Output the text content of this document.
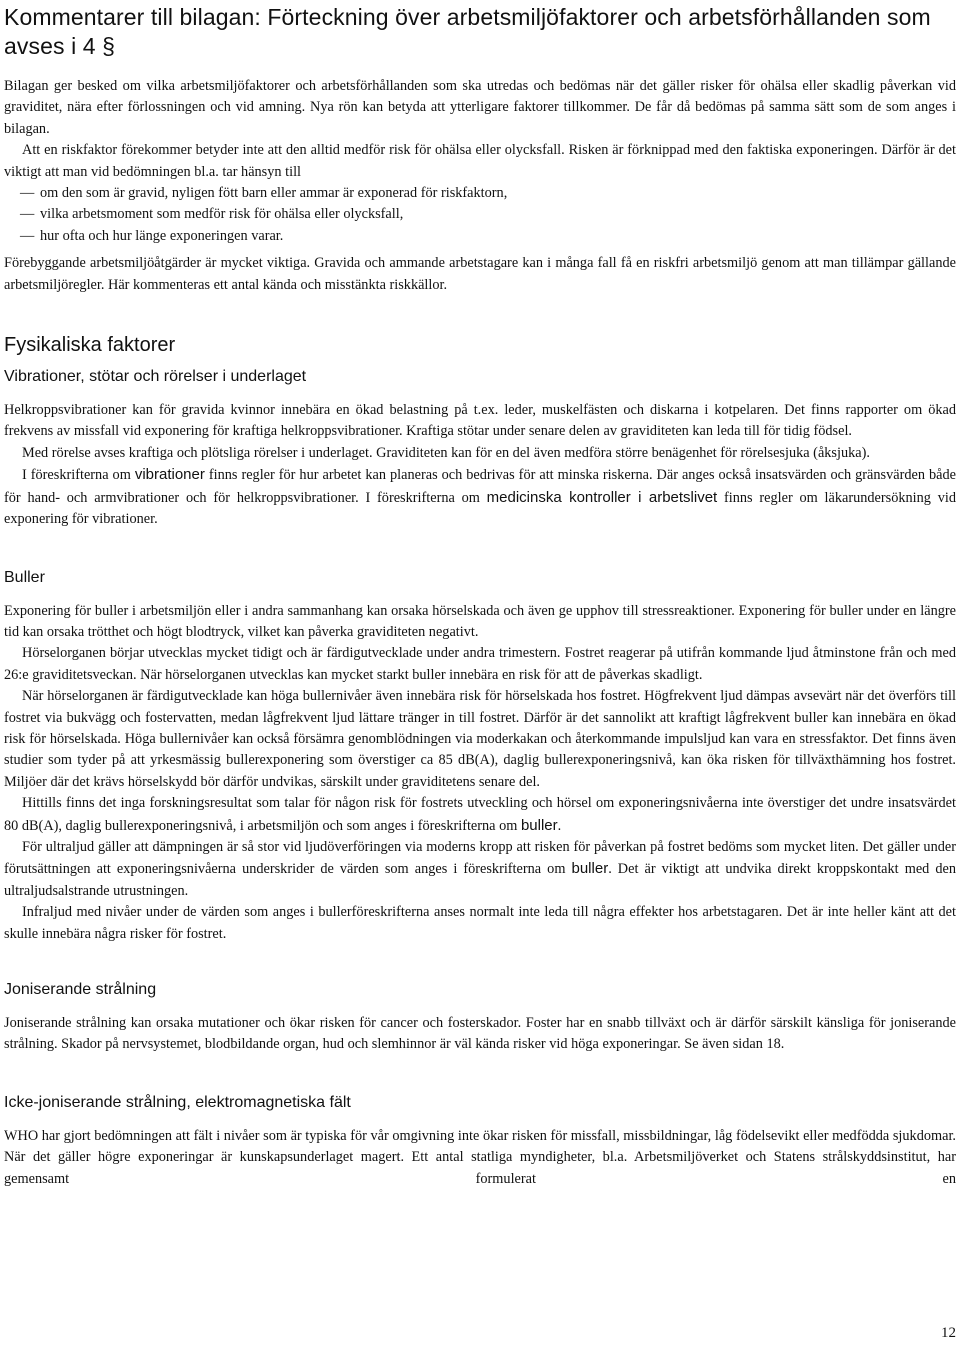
Kommentarer till bilagan: Förteckning över arbetsmiljöfaktorer och arbetsförhållanden som avses i 4 §

Bilagan ger besked om vilka arbetsmiljöfaktorer och arbetsförhållanden som ska utredas och bedömas när det gäller risker för ohälsa eller skadlig påverkan vid graviditet, nära efter förlossningen och vid amning. Nya rön kan betyda att ytterligare faktorer tillkommer. De får då bedömas på samma sätt som de som anges i bilagan.

Att en riskfaktor förekommer betyder inte att den alltid medför risk för ohälsa eller olycksfall. Risken är förknippad med den faktiska exponeringen. Därför är det viktigt att man vid bedömningen bl.a. tar hänsyn till

— om den som är gravid, nyligen fött barn eller ammar är exponerad för riskfaktorn,
— vilka arbetsmoment som medför risk för ohälsa eller olycksfall,
— hur ofta och hur länge exponeringen varar.

Förebyggande arbetsmiljöåtgärder är mycket viktiga. Gravida och ammande arbetstagare kan i många fall få en riskfri arbetsmiljö genom att man tillämpar gällande arbetsmiljöregler. Här kommenteras ett antal kända och misstänkta riskkällor.

Fysikaliska faktorer
Vibrationer, stötar och rörelser i underlaget

Helkroppsvibrationer kan för gravida kvinnor innebära en ökad belastning på t.ex. leder, muskelfästen och diskarna i kotpelaren. Det finns rapporter om ökad frekvens av missfall vid exponering för kraftiga helkroppsvibrationer. Kraftiga stötar under senare delen av graviditeten kan leda till för tidig födsel.

Med rörelse avses kraftiga och plötsliga rörelser i underlaget. Graviditeten kan för en del även medföra större benägenhet för rörelsesjuka (åksjuka).

I föreskrifterna om vibrationer finns regler för hur arbetet kan planeras och bedrivas för att minska riskerna. Där anges också insatsvärden och gränsvärden både för hand- och armvibrationer och för helkroppsvibrationer. I föreskrifterna om medicinska kontroller i arbetslivet finns regler om läkarundersökning vid exponering för vibrationer.

Buller

Exponering för buller i arbetsmiljön eller i andra sammanhang kan orsaka hörselskada och även ge upphov till stressreaktioner. Exponering för buller under en längre tid kan orsaka trötthet och högt blodtryck, vilket kan påverka graviditeten negativt.

Hörselorganen börjar utvecklas mycket tidigt och är färdigutvecklade under andra trimestern. Fostret reagerar på utifrån kommande ljud åtminstone från och med 26:e graviditetsveckan. När hörselorganen utvecklas kan mycket starkt buller innebära en risk för att de påverkas skadligt.

När hörselorganen är färdigutvecklade kan höga bullernivåer även innebära risk för hörselskada hos fostret. Högfrekvent ljud dämpas avsevärt när det överförs till fostret via bukvägg och fostervatten, medan lågfrekvent ljud lättare tränger in till fostret. Därför är det sannolikt att kraftigt lågfrekvent buller kan innebära en ökad risk för hörselskada. Höga bullernivåer kan också försämra genomblödningen via moderkakan och återkommande impulsljud kan vara en stressfaktor. Det finns även studier som tyder på att yrkesmässig bullerexponering som överstiger ca 85 dB(A), daglig bullerexponeringsnivå, kan öka risken för tillväxthämning hos fostret. Miljöer där det krävs hörselskydd bör därför undvikas, särskilt under graviditetens senare del.

Hittills finns det inga forskningsresultat som talar för någon risk för fostrets utveckling och hörsel om exponeringsnivåerna inte överstiger det undre insatsvärdet 80 dB(A), daglig bullerexponeringsnivå, i arbetsmiljön och som anges i föreskrifterna om buller.

För ultraljud gäller att dämpningen är så stor vid ljudöverföringen via moderns kropp att risken för påverkan på fostret bedöms som mycket liten. Det gäller under förutsättningen att exponeringsnivåerna underskrider de värden som anges i föreskrifterna om buller. Det är viktigt att undvika direkt kroppskontakt med den ultraljudsalstrande utrustningen.

Infraljud med nivåer under de värden som anges i bullerföreskrifterna anses normalt inte leda till några effekter hos arbetstagaren. Det är inte heller känt att det skulle innebära några risker för fostret.

Joniserande strålning

Joniserande strålning kan orsaka mutationer och ökar risken för cancer och fosterskador. Foster har en snabb tillväxt och är därför särskilt känsliga för joniserande strålning. Skador på nervsystemet, blodbildande organ, hud och slemhinnor är väl kända risker vid höga exponeringar. Se även sidan 18.

Icke-joniserande strålning, elektromagnetiska fält

WHO har gjort bedömningen att fält i nivåer som är typiska för vår omgivning inte ökar risken för missfall, missbildningar, låg födelsevikt eller medfödda sjukdomar. När det gäller högre exponeringar är kunskapsunderlaget magert. Ett antal statliga myndigheter, bl.a. Arbetsmiljöverket och Statens strålskyddsinstitut, har gemensamt formulerat en

12
